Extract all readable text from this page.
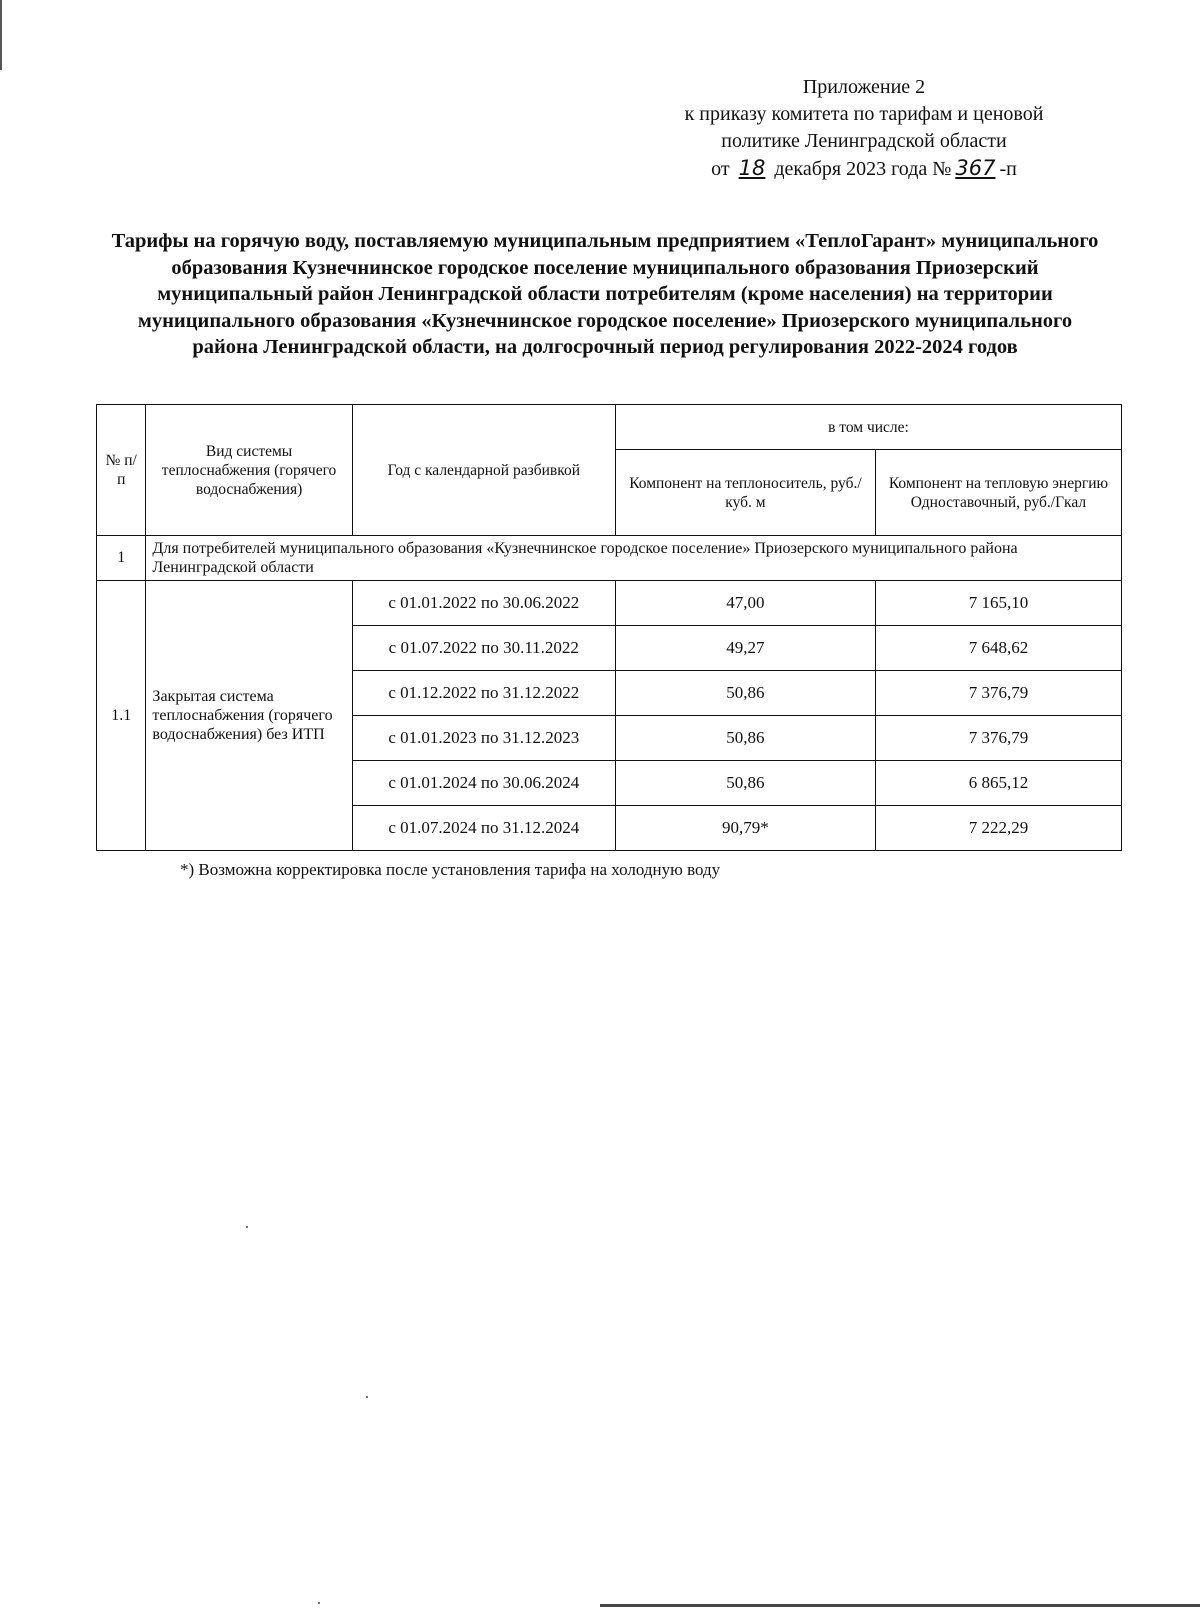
Приложение 2
к приказу комитета по тарифам и ценовой
политике Ленинградской области
от 18 декабря 2023 года № 367 -п
Тарифы на горячую воду, поставляемую муниципальным предприятием «ТеплоГарант» муниципального образования Кузнечнинское городское поселение муниципального образования Приозерский муниципальный район Ленинградской области потребителям (кроме населения) на территории муниципального образования «Кузнечнинское городское поселение» Приозерского муниципального района Ленинградской области, на долгосрочный период регулирования 2022-2024 годов
№ п/п	Вид системы теплоснабжения (горячего водоснабжения)	Год с календарной разбивкой	в том числе:	
			Компонент на теплоноситель, руб./куб. м	Компонент на тепловую энергию
Одноставочный, руб./Гкал

1	Для потребителей муниципального образования «Кузнечнинское городское поселение» Приозерского муниципального района Ленинградской области			
1.1	Закрытая система теплоснабжения (горячего водоснабжения) без ИТП	с 01.01.2022 по 30.06.2022	47,00	7 165,10
		с 01.07.2022 по 30.11.2022	49,27	7 648,62
		с 01.12.2022 по 31.12.2022	50,86	7 376,79
		с 01.01.2023 по 31.12.2023	50,86	7 376,79
		с 01.01.2024 по 30.06.2024	50,86	6 865,12
		с 01.07.2024 по 31.12.2024	90,79*	7 222,29
*) Возможна корректировка после установления тарифа на холодную воду
